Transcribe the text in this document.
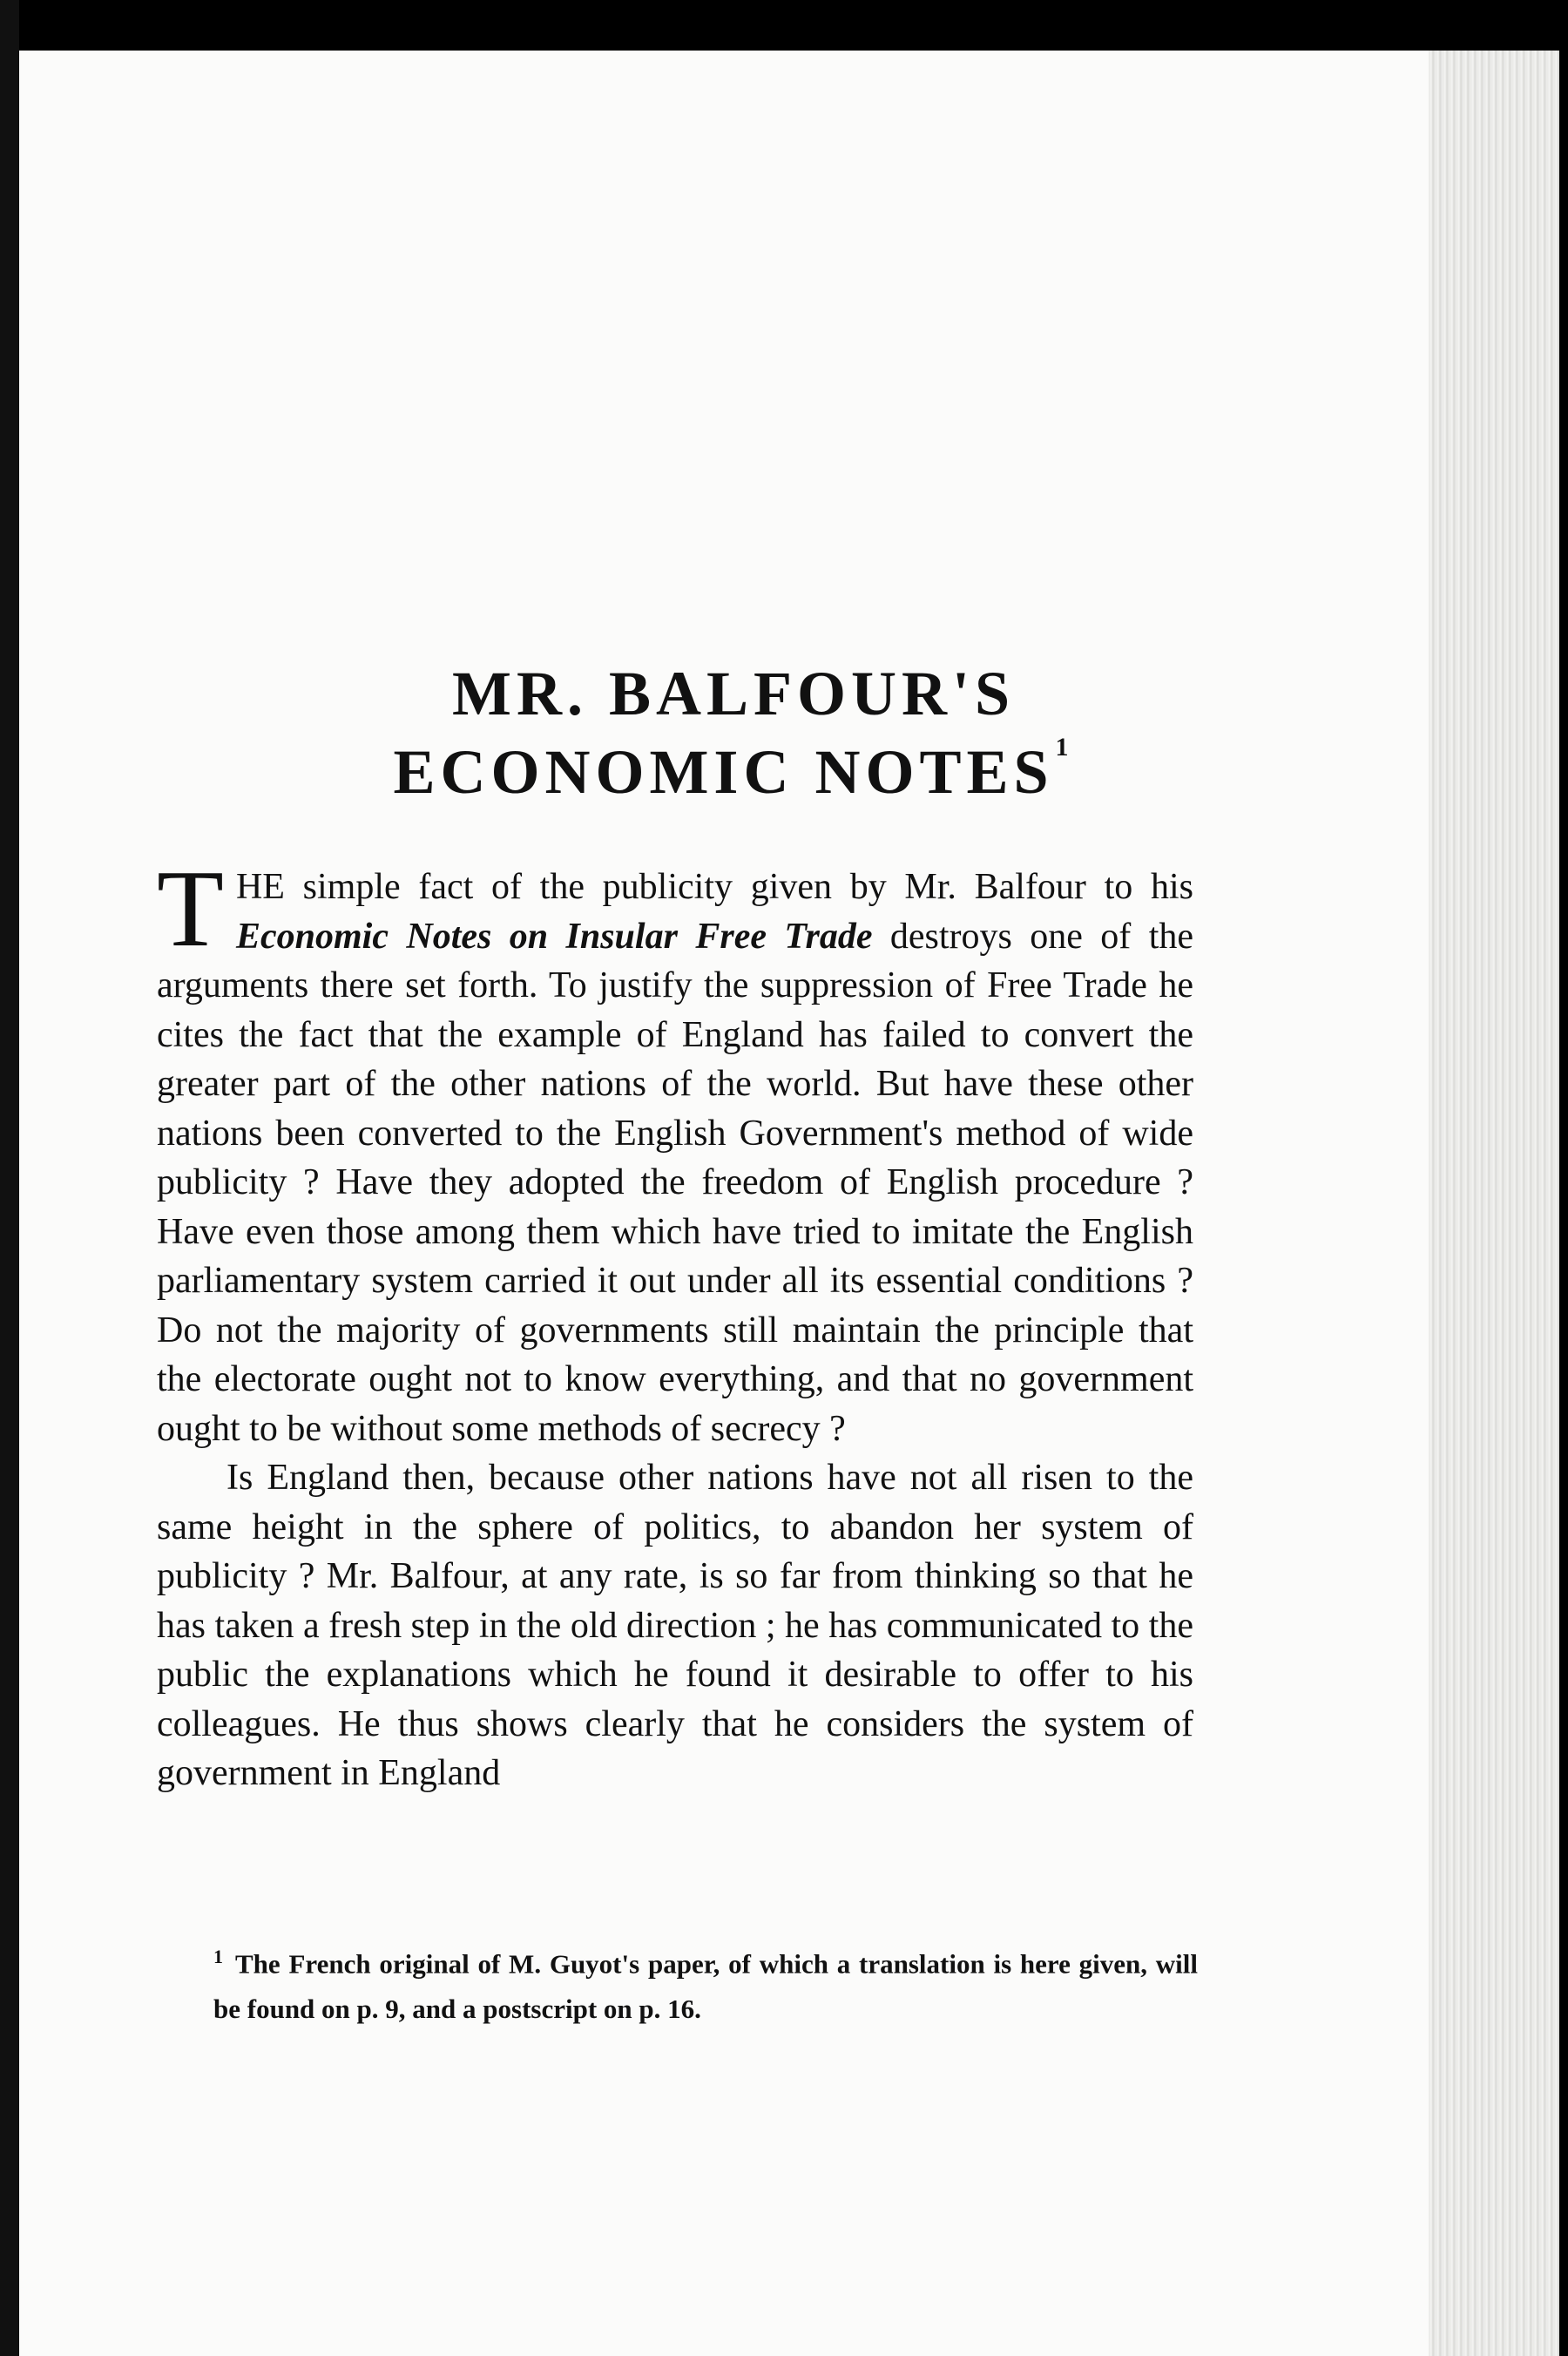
MR. BALFOUR'S
ECONOMIC NOTES$^1$

THE simple fact of the publicity given by Mr. Balfour to his Economic Notes on Insular Free Trade destroys one of the arguments there set forth. To justify the suppression of Free Trade he cites the fact that the example of England has failed to convert the greater part of the other nations of the world. But have these other nations been converted to the English Government's method of wide publicity ? Have they adopted the freedom of English procedure ? Have even those among them which have tried to imitate the English parliamentary system carried it out under all its essential conditions ? Do not the majority of governments still maintain the principle that the electorate ought not to know everything, and that no government ought to be without some methods of secrecy ?

Is England then, because other nations have not all risen to the same height in the sphere of politics, to abandon her system of publicity ? Mr. Balfour, at any rate, is so far from thinking so that he has taken a fresh step in the old direction ; he has communicated to the public the explanations which he found it desirable to offer to his colleagues. He thus shows clearly that he considers the system of government in England

$^1$ The French original of M. Guyot's paper, of which a translation is here given, will be found on p. 9, and a postscript on p. 16.
